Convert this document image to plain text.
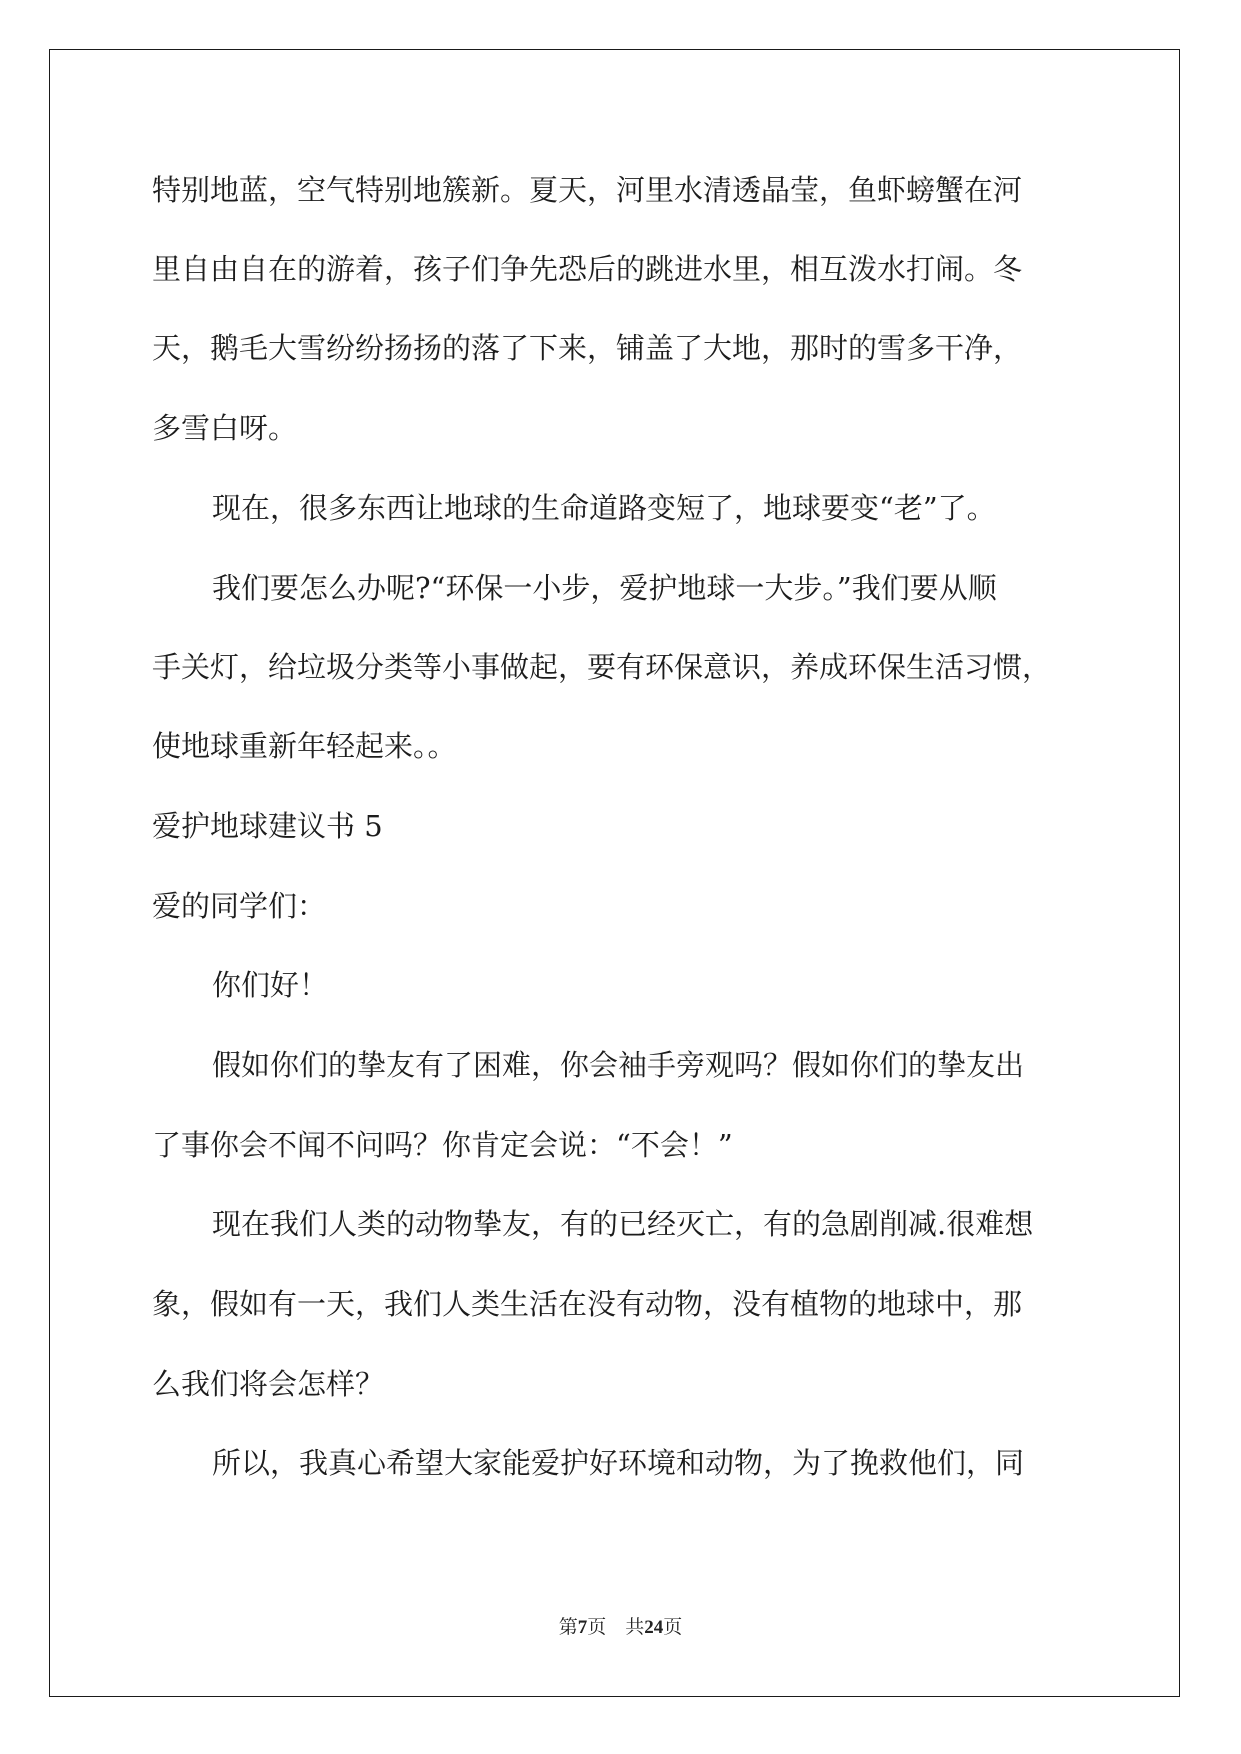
特别地蓝，空气特别地簇新。夏天，河里水清透晶莹，鱼虾螃蟹在河
里自由自在的游着，孩子们争先恐后的跳进水里，相互泼水打闹。冬
天，鹅毛大雪纷纷扬扬的落了下来，铺盖了大地，那时的雪多干净，
多雪白呀。
现在，很多东西让地球的生命道路变短了，地球要变“老”了。
我们要怎么办呢?“环保一小步，爱护地球一大步。”我们要从顺
手关灯，给垃圾分类等小事做起，要有环保意识，养成环保生活习惯，
使地球重新年轻起来。。
爱护地球建议书 5
爱的同学们：
你们好！
假如你们的挚友有了困难，你会袖手旁观吗？假如你们的挚友出
了事你会不闻不问吗？你肯定会说：“不会！”
现在我们人类的动物挚友，有的已经灭亡，有的急剧削减.很难想
象，假如有一天，我们人类生活在没有动物，没有植物的地球中，那
么我们将会怎样？
所以，我真心希望大家能爱护好环境和动物，为了挽救他们，同
第7页　共24页
